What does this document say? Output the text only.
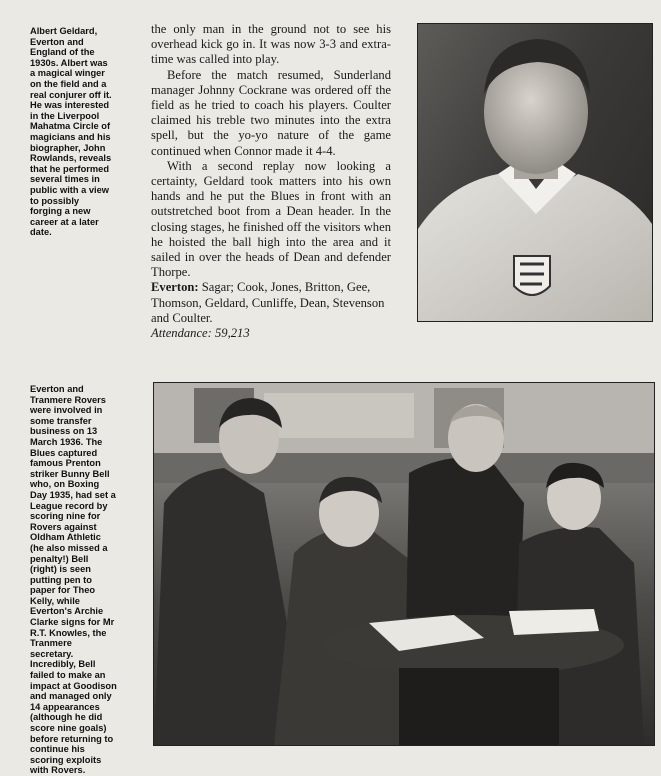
Albert Geldard,
Everton and
England of the
1930s. Albert was
a magical winger
on the field and a
real conjurer off it.
He was interested
in the Liverpool
Mahatma Circle of
magicians and his
biographer, John
Rowlands, reveals
that he performed
several times in
public with a view
to possibly
forging a new
career at a later
date.

the only man in the ground not to see his overhead kick go in. It was now 3-3 and extra-time was called into play.

Before the match resumed, Sunderland manager Johnny Cockrane was ordered off the field as he tried to coach his players. Coulter claimed his treble two minutes into the extra spell, but the yo-yo nature of the game continued when Connor made it 4-4.

With a second replay now looking a certainty, Geldard took matters into his own hands and he put the Blues in front with an outstretched boot from a Dean header. In the closing stages, he finished off the visitors when he hoisted the ball high into the area and it sailed in over the heads of Dean and defender Thorpe.

Everton: Sagar; Cook, Jones, Britton, Gee, Thomson, Geldard, Cunliffe, Dean, Stevenson and Coulter.

Attendance: 59,213

Everton and
Tranmere Rovers
were involved in
some transfer
business on 13
March 1936. The
Blues captured
famous Prenton
striker Bunny Bell
who, on Boxing
Day 1935, had set a
League record by
scoring nine for
Rovers against
Oldham Athletic
(he also missed a
penalty!) Bell
(right) is seen
putting pen to
paper for Theo
Kelly, while
Everton's Archie
Clarke signs for Mr
R.T. Knowles, the
Tranmere
secretary.
Incredibly, Bell
failed to make an
impact at Goodison
and managed only
14 appearances
(although he did
score nine goals)
before returning to
continue his
scoring exploits
with Rovers.
